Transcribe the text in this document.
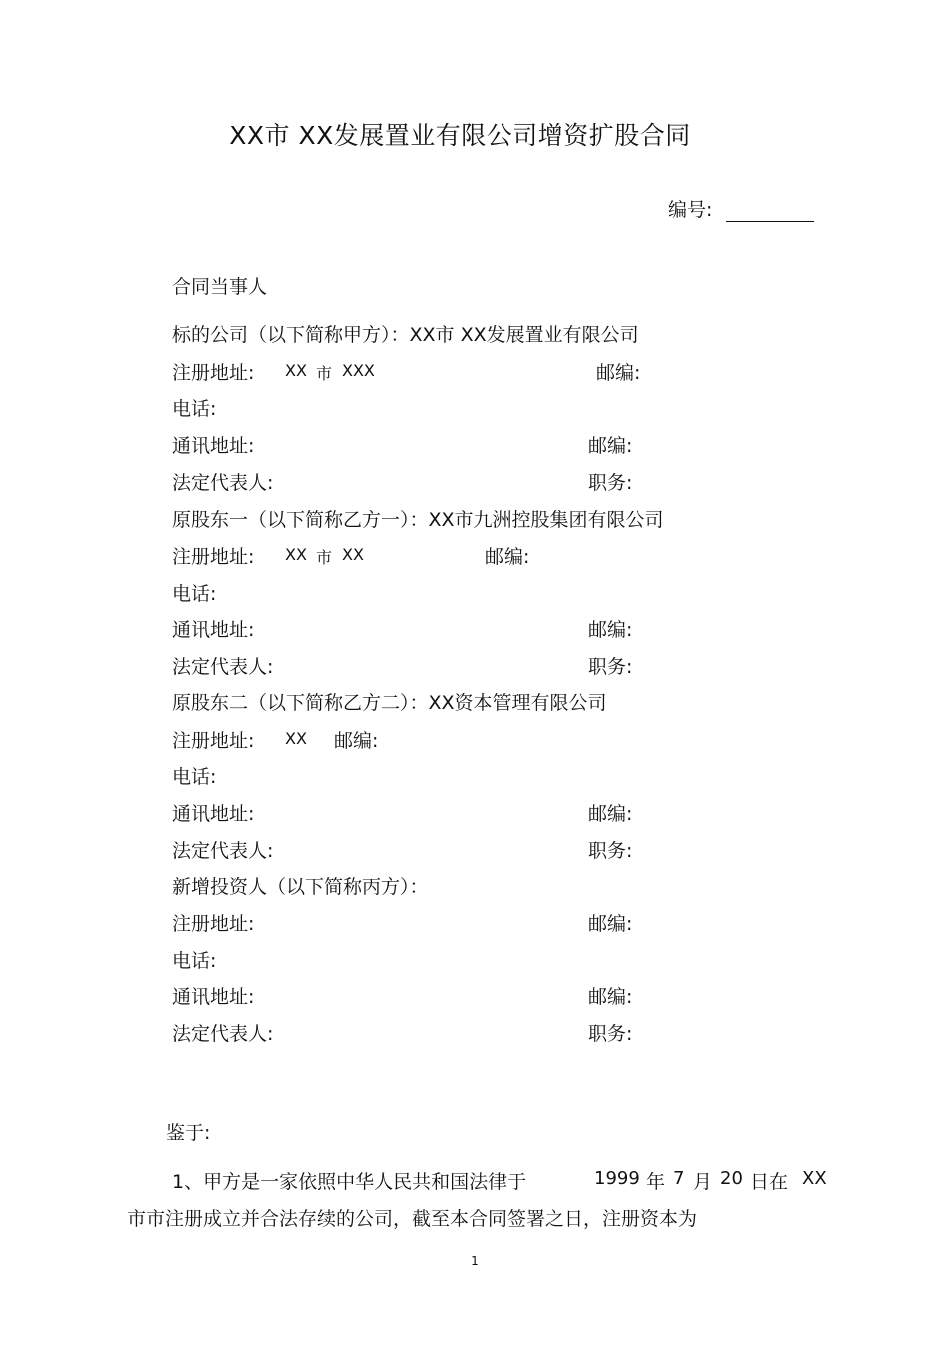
XX市 XX发展置业有限公司增资扩股合同
编号:
合同当事人
标的公司（以下简称甲方）：XX市 XX发展置业有限公司
注册地址: XX 市 XXX	邮编:
电话:
通讯地址:	邮编:
法定代表人:	职务:
原股东一（以下简称乙方一）：XX市九洲控股集团有限公司
注册地址: XX 市 XX	邮编:
电话:
通讯地址:	邮编:
法定代表人:	职务:
原股东二（以下简称乙方二）：XX资本管理有限公司
注册地址: XX 邮编:
电话:
通讯地址:	邮编:
法定代表人:	职务:
新增投资人（以下简称丙方）：
注册地址:	邮编:
电话:
通讯地址:	邮编:
法定代表人:	职务:
鉴于:
1、甲方是一家依照中华人民共和国法律于	1999 年 7 月 20 日在 XX
市市注册成立并合法存续的公司，截至本合同签署之日，注册资本为
1
